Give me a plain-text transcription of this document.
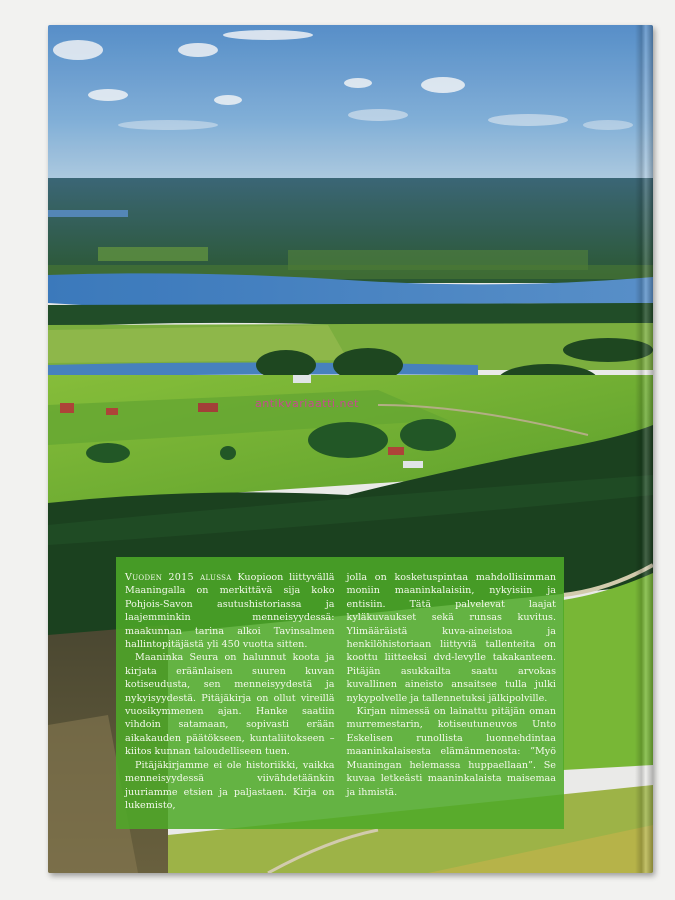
antikvariaatti.net

Vuoden 2015 alussa Kuopioon liittyvällä Maaningalla on merkittävä sija koko Pohjois-Savon asutushistoriassa ja laajemminkin menneisyydessä: maakunnan tarina alkoi Tavinsalmen hallintopitäjästä yli 450 vuotta sitten.

Maaninka Seura on halunnut koota ja kirjata eräänlaisen suuren kuvan kotiseudusta, sen menneisyydestä ja nykyisyydestä. Pitäjäkirja on ollut vireillä vuosikymmenen ajan. Hanke saatiin vihdoin satamaan, sopivasti erään aikakauden päätökseen, kuntaliitokseen – kiitos kunnan taloudelliseen tuen.

Pitäjäkirjamme ei ole historiikki, vaikka menneisyydessä viivähdetäänkin juuriamme etsien ja paljastaen. Kirja on lukemisto,

jolla on kosketuspintaa mahdollisimman moniin maaninkalaisiin, nykyisiin ja entisiin. Tätä palvelevat laajat kyläkuvaukset sekä runsas kuvitus. Ylimääräistä kuva-aineistoa ja henkilöhistoriaan liittyviä tallenteita on koottu liitteeksi dvd-levylle takakanteen. Pitäjän asukkailta saatu arvokas kuvallinen aineisto ansaitsee tulla julki nykypolvelle ja tallennetuksi jälkipolville.

Kirjan nimessä on lainattu pitäjän oman murremestarin, kotiseutuneuvos Unto Eskelisen runollista luonnehdintaa maaninkalaisesta elämänmenosta: ”Myö Muaningan helemassa huppaellaan”. Se kuvaa letkeästi maaninkalaista maisemaa ja ihmistä.
